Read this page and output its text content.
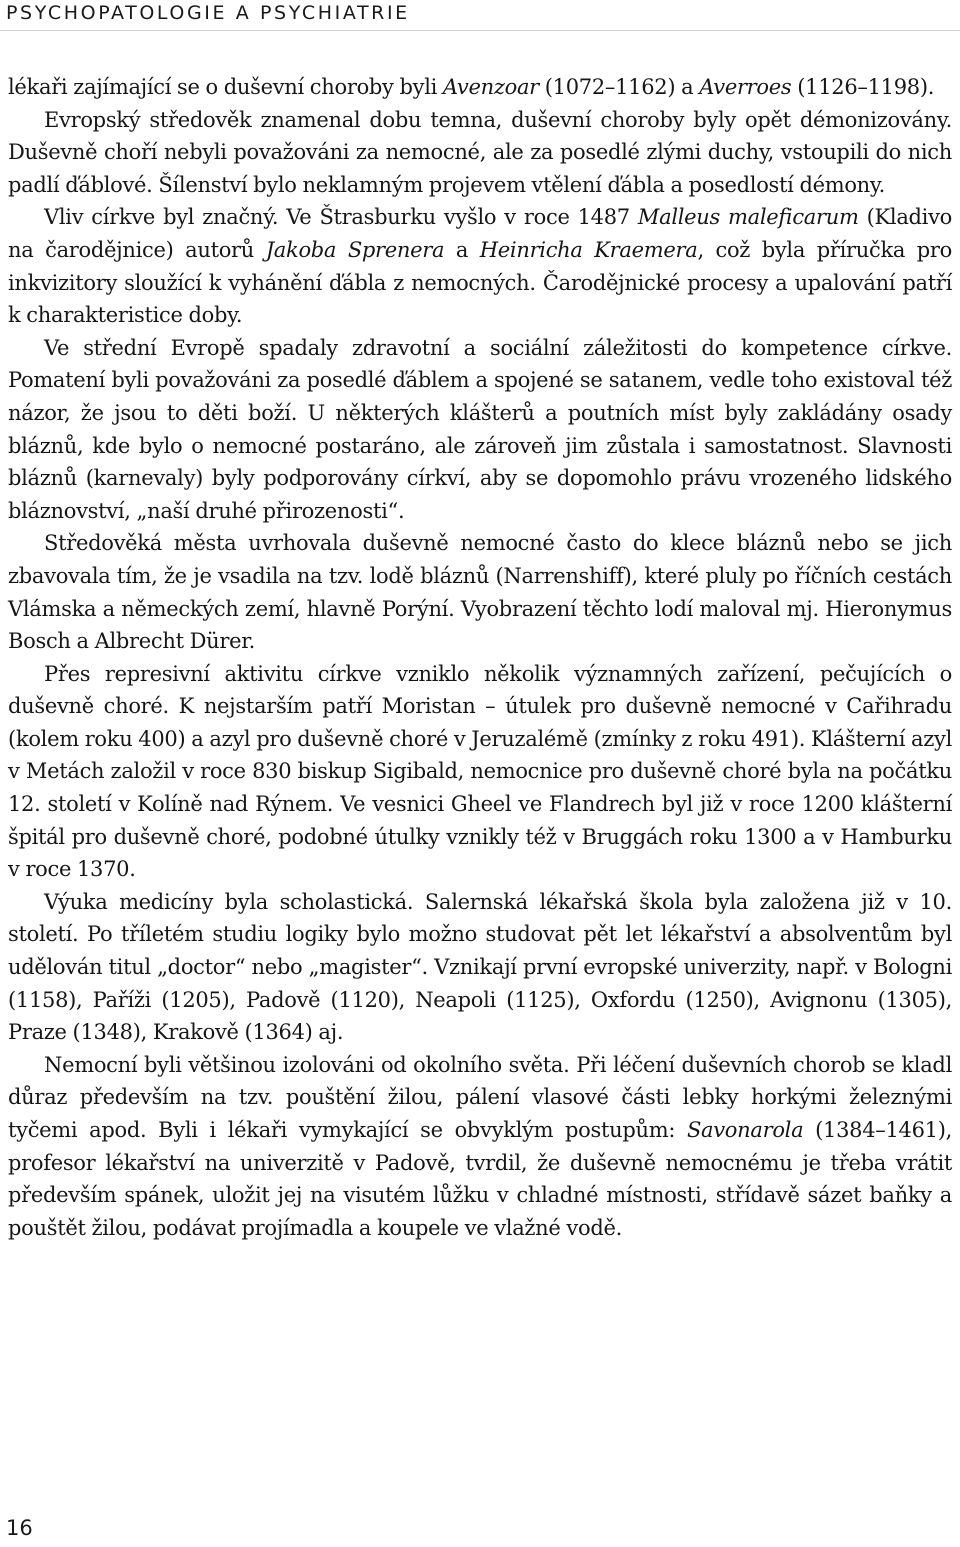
PSYCHOPATOLOGIE A PSYCHIATRIE

lékaři zajímající se o duševní choroby byli Avenzoar (1072–1162) a Averroes (1126–1198).

Evropský středověk znamenal dobu temna, duševní choroby byly opět démonizovány. Duševně choří nebyli považováni za nemocné, ale za posedlé zlými duchy, vstoupili do nich padlí ďáblové. Šílenství bylo neklamným projevem vtělení ďábla a posedlostí démony.

Vliv církve byl značný. Ve Štrasburku vyšlo v roce 1487 Malleus maleficarum (Kladivo na čarodějnice) autorů Jakoba Sprenera a Heinricha Kraemera, což byla příručka pro inkvizitory sloužící k vyhánění ďábla z nemocných. Čarodějnické procesy a upalování patří k charakteristice doby.

Ve střední Evropě spadaly zdravotní a sociální záležitosti do kompetence církve. Pomatení byli považováni za posedlé ďáblem a spojené se satanem, vedle toho existoval též názor, že jsou to děti boží. U některých klášterů a poutních míst byly zakládány osady bláznů, kde bylo o nemocné postaráno, ale zároveň jim zůstala i samostatnost. Slavnosti bláznů (karnevaly) byly podporovány církví, aby se dopomohlo právu vrozeného lidského bláznovství, „naší druhé přirozenosti“.

Středověká města uvrhovala duševně nemocné často do klece bláznů nebo se jich zbavovala tím, že je vsadila na tzv. lodě bláznů (Narrenshiff), které pluly po říčních cestách Vlámska a německých zemí, hlavně Porýní. Vyobrazení těchto lodí maloval mj. Hieronymus Bosch a Albrecht Dürer.

Přes represivní aktivitu církve vzniklo několik významných zařízení, pečujících o duševně choré. K nejstarším patří Moristan – útulek pro duševně nemocné v Cařihradu (kolem roku 400) a azyl pro duševně choré v Jeruzalémě (zmínky z roku 491). Klášterní azyl v Metách založil v roce 830 biskup Sigibald, nemocnice pro duševně choré byla na počátku 12. století v Kolíně nad Rýnem. Ve vesnici Gheel ve Flandrech byl již v roce 1200 klášterní špitál pro duševně choré, podobné útulky vznikly též v Bruggách roku 1300 a v Hamburku v roce 1370.

Výuka medicíny byla scholastická. Salernská lékařská škola byla založena již v 10. století. Po tříletém studiu logiky bylo možno studovat pět let lékařství a absolventům byl udělován titul „doctor“ nebo „magister“. Vznikají první evropské univerzity, např. v Bologni (1158), Paříži (1205), Padově (1120), Neapoli (1125), Oxfordu (1250), Avignonu (1305), Praze (1348), Krakově (1364) aj.

Nemocní byli většinou izolováni od okolního světa. Při léčení duševních chorob se kladl důraz především na tzv. pouštění žilou, pálení vlasové části lebky horkými železnými tyčemi apod. Byli i lékaři vymykající se obvyklým postupům: Savonarola (1384–1461), profesor lékařství na univerzitě v Padově, tvrdil, že duševně nemocnému je třeba vrátit především spánek, uložit jej na visutém lůžku v chladné místnosti, střídavě sázet baňky a pouštět žilou, podávat projímadla a koupele ve vlažné vodě.

16
